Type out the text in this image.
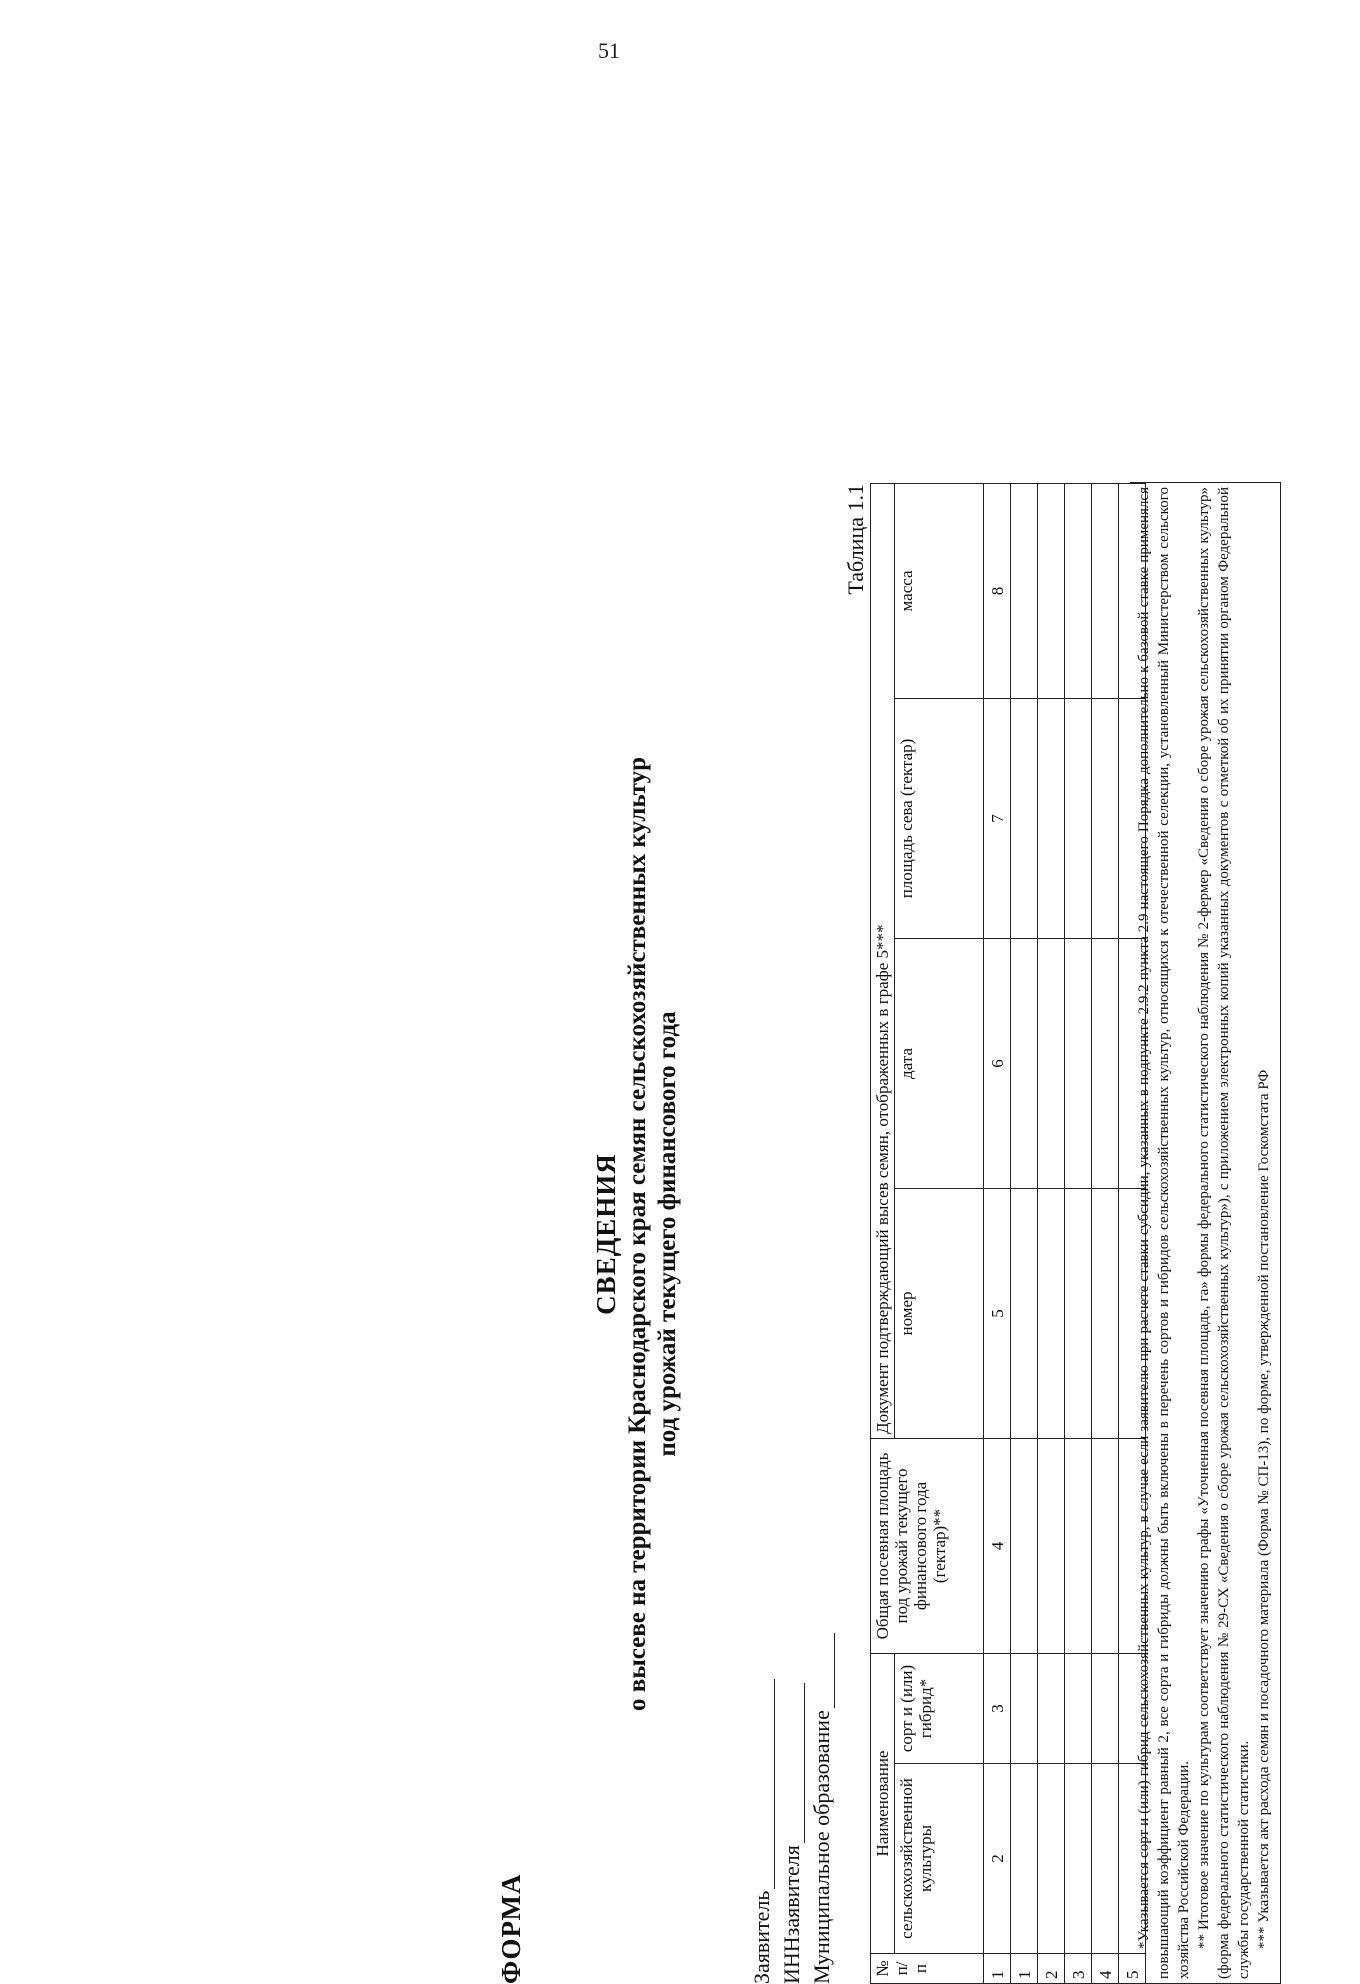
51
ФОРМА
СВЕДЕНИЯ о высеве на территории Краснодарского края семян сельскохозяйственных культур под урожай текущего финансового года
Заявитель ИННзаявителя Муниципальное образование
Таблица 1.1
№ п/п	Наименование		Общая посевная площадь под урожай текущего финансового года (гектар)**	Документ подтверждающий высев семян, отображенных в графе 5***			
	сельскохозяйственной культуры	сорт и (или) гибрид*		номер	дата	площадь сева (гектар)	масса
1	2	3	4	5	6	7	8
1							
2							
3							
4							
5							

*Указывается сорт и (или) гибрид сельскохозяйственных культур, в случае если заявителю при расчете ставки субсидии, указанных в подпункте 2.9.2 пункта 2.9 настоящего Порядка дополнительно к базовой ставке применялся повышающий коэффициент равный 2, все сорта и гибриды должны быть включены в перечень сортов и гибридов сельскохозяйственных культур, относящихся к отечественной селекции, установленный Министерством сельского хозяйства Российской Федерации. ** Итоговое значение по культурам соответствует значению графы «Уточненная посевная площадь, га» формы федерального статистического наблюдения № 2-фермер «Сведения о сборе урожая сельскохозяйственных культур» (форма федерального статистического наблюдения № 29-СХ «Сведения о сборе урожая сельскохозяйственных культур»), с приложением электронных копий указанных документов с отметкой об их принятии органом Федеральной службы государственной статистики. *** Указывается акт расхода семян и посадочного материала (Форма № СП-13), по форме, утвержденной постановление Госкомстата РФ
